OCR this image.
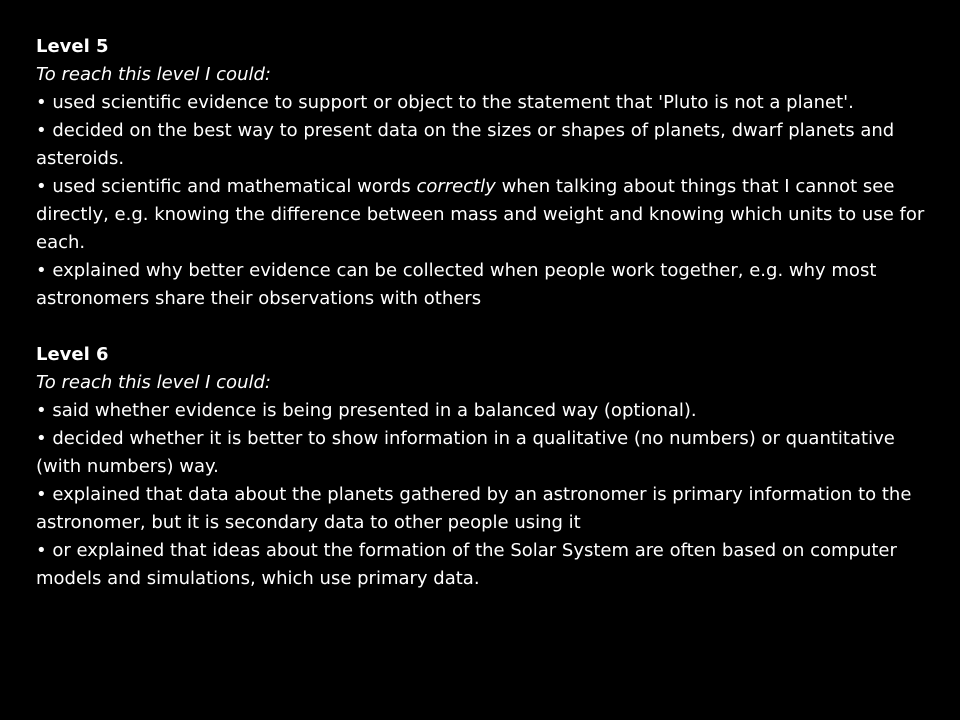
Level 5
To reach this level I could:

• used scientific evidence to support or object to the statement that 'Pluto is not a planet'.

• decided on the best way to present data on the sizes or shapes of planets, dwarf planets and asteroids.

• used scientific and mathematical words correctly when talking about things that I cannot see directly, e.g. knowing the difference between mass and weight and knowing which units to use for each.

• explained why better evidence can be collected when people work together, e.g. why most astronomers share their observations with others

Level 6
To reach this level I could:

• said whether evidence is being presented in a balanced way (optional).

• decided whether it is better to show information in a qualitative (no numbers) or quantitative (with numbers) way.

• explained that data about the planets gathered by an astronomer is primary information to the astronomer, but it is secondary data to other people using it

• or explained that ideas about the formation of the Solar System are often based on computer models and simulations, which use primary data.
